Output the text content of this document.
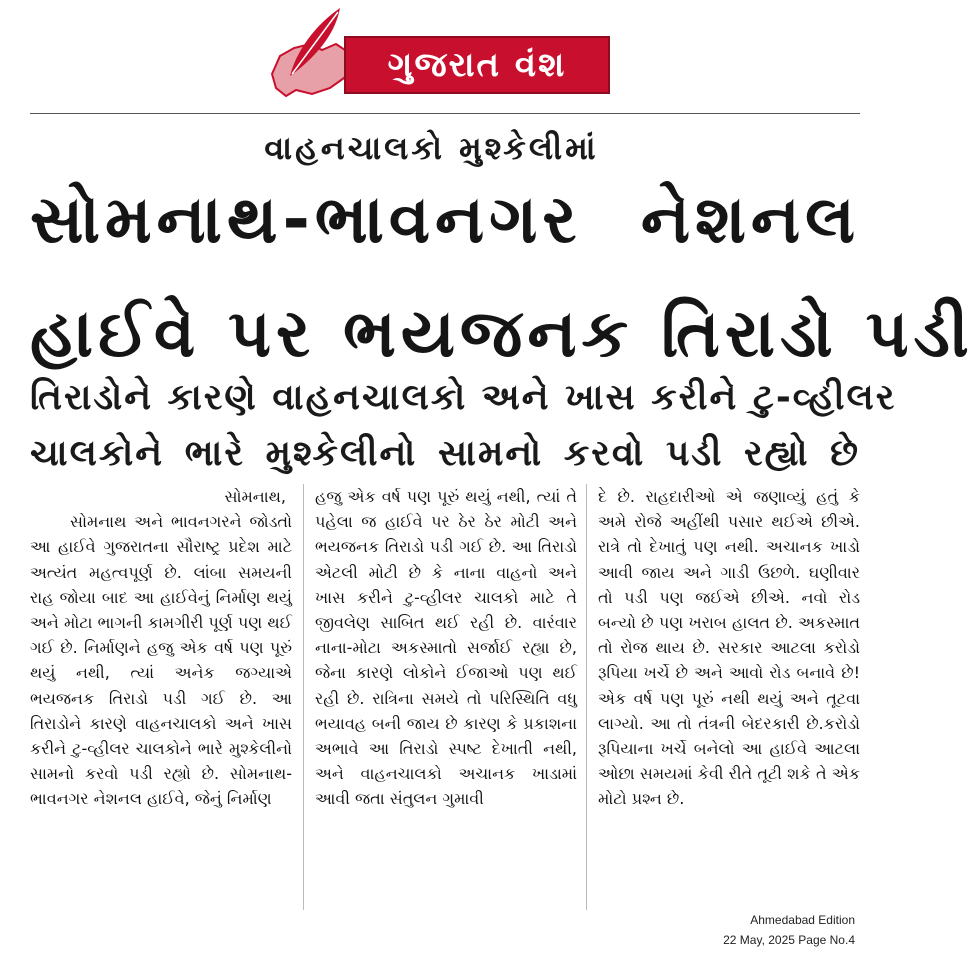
ગુજરાત વંશ
વાહનચાલકો મુશ્કેલીમાં
સોમનાથ-ભાવનગર નેશનલ
હાઈવે પર ભયજનક તિરાડો પડી
તિરાડોને કારણે વાહનચાલકો અને ખાસ કરીને ટુ-વ્હીલર
ચાલકોને ભારે મુશ્કેલીનો સામનો કરવો પડી રહ્યો છે

સોમનાથ,

સોમનાથ અને ભાવનગરને જોડતો આ હાઈવે ગુજરાતના સૌરાષ્ટ્ર પ્રદેશ માટે અત્યંત મહત્વપૂર્ણ છે. લાંબા સમયની રાહ જોયા બાદ આ હાઈવેનું નિર્માણ થયું અને મોટા ભાગની કામગીરી પૂર્ણ પણ થઈ ગઈ છે. નિર્માણને હજુ એક વર્ષ પણ પૂરું થયું નથી, ત્યાં અનેક જગ્યાએ ભયજનક તિરાડો પડી ગઈ છે. આ તિરાડોને કારણે વાહનચાલકો અને ખાસ કરીને ટુ-વ્હીલર ચાલકોને ભારે મુશ્કેલીનો સામનો કરવો પડી રહ્યો છે. સોમનાથ-ભાવનગર નેશનલ હાઈવે, જેનું નિર્માણ

હજુ એક વર્ષ પણ પૂરું થયું નથી, ત્યાં તે પહેલા જ હાઈવે પર ઠેર ઠેર મોટી અને ભયજનક તિરાડો પડી ગઈ છે. આ તિરાડો એટલી મોટી છે કે નાના વાહનો અને ખાસ કરીને ટુ-વ્હીલર ચાલકો માટે તે જીવલેણ સાબિત થઈ રહી છે. વારંવાર નાના-મોટા અકસ્માતો સર્જાઈ રહ્યા છે, જેના કારણે લોકોને ઈજાઓ પણ થઈ રહી છે. રાત્રિના સમયે તો પરિસ્થિતિ વધુ ભયાવહ બની જાય છે કારણ કે પ્રકાશના અભાવે આ તિરાડો સ્પષ્ટ દેખાતી નથી, અને વાહનચાલકો અચાનક ખાડામાં આવી જતા સંતુલન ગુમાવી

દે છે. રાહદારીઓ એ જણાવ્યું હતું કે અમે રોજે અહીંથી પસાર થઈએ છીએ. રાત્રે તો દેખાતું પણ નથી. અચાનક ખાડો આવી જાય અને ગાડી ઉછળે. ઘણીવાર તો પડી પણ જઈએ છીએ. નવો રોડ બન્યો છે પણ ખરાબ હાલત છે. અકસ્માત તો રોજ થાય છે. સરકાર આટલા કરોડો રૂપિયા ખર્ચે છે અને આવો રોડ બનાવે છે! એક વર્ષ પણ પૂરું નથી થયું અને તૂટવા લાગ્યો. આ તો તંત્રની બેદરકારી છે.કરોડો રૂપિયાના ખર્ચે બનેલો આ હાઈવે આટલા ઓછા સમયમાં કેવી રીતે તૂટી શકે તે એક મોટો પ્રશ્ન છે.

Ahmedabad Edition
22 May, 2025 Page No.4
